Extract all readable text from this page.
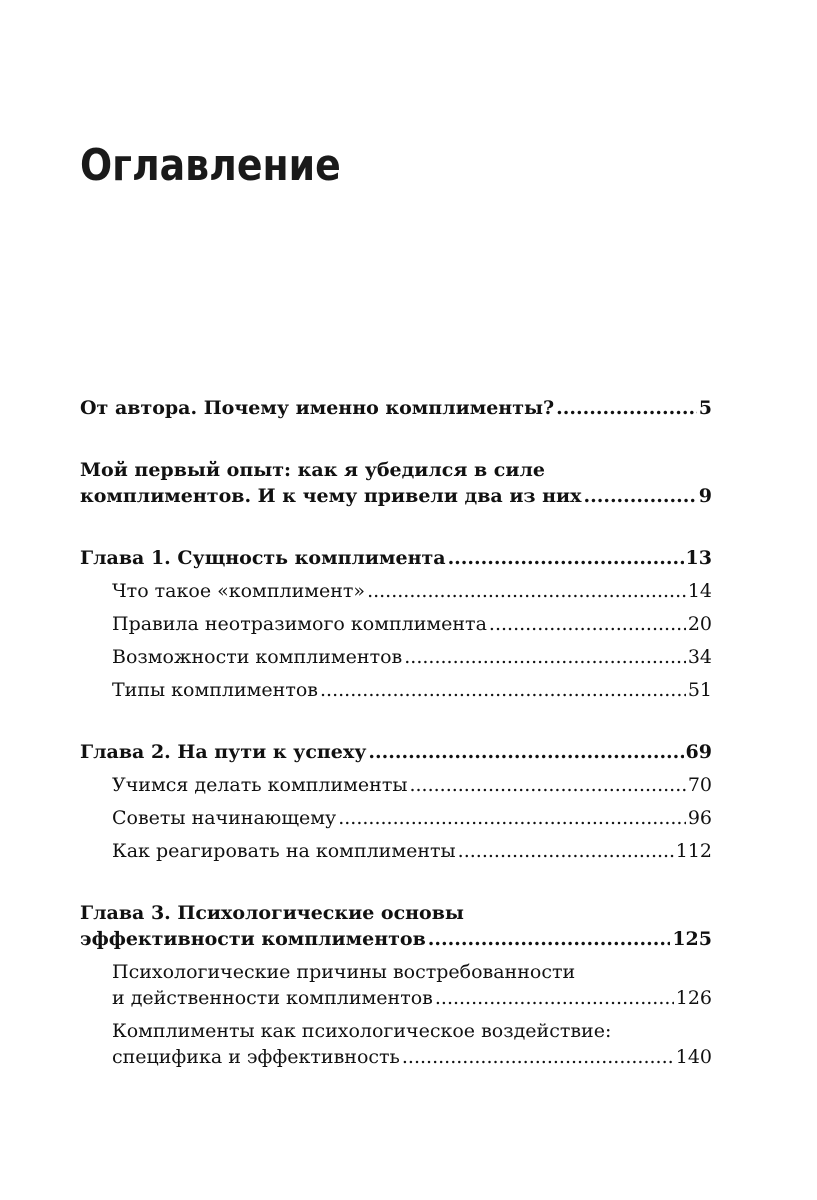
Оглавление
От автора. Почему именно комплименты? .....	5
Мой первый опыт: как я убедился в силе
комплиментов. И к чему привели два из них .....	9
Глава 1. Сущность комплимента .....	13
Что такое «комплимент» .....	14
Правила неотразимого комплимента .....	20
Возможности комплиментов .....	34
Типы комплиментов .....	51
Глава 2. На пути к успеху .....	69
Учимся делать комплименты .....	70
Советы начинающему .....	96
Как реагировать на комплименты .....	112
Глава 3. Психологические основы
эффективности комплиментов .....	125
Психологические причины востребованности
и действенности комплиментов .....	126
Комплименты как психологическое воздействие:
специфика и эффективность .....	140
